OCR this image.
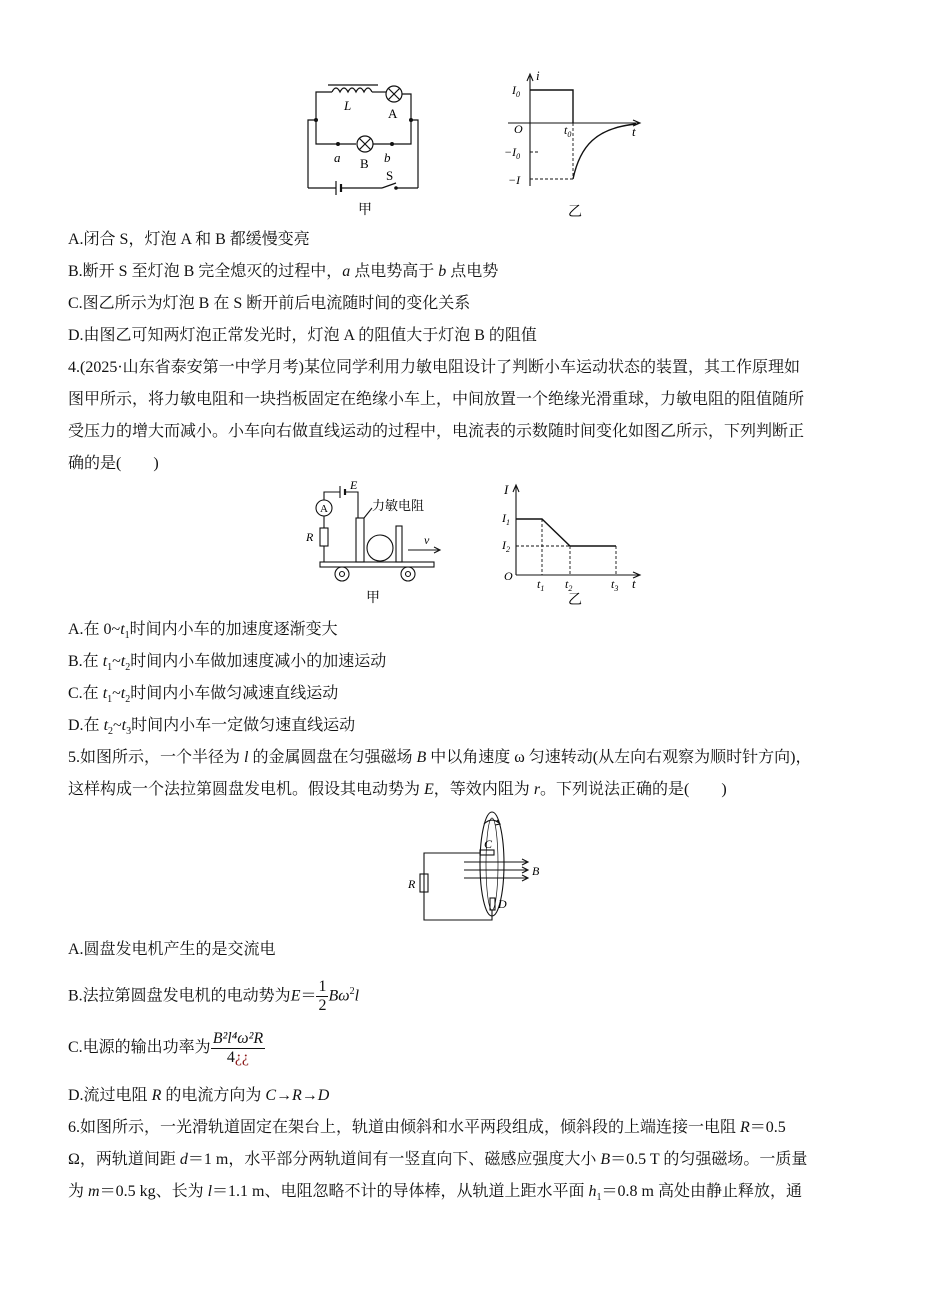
L
A
a B b
S
甲
i
$I_0$
O	$t_0$	t
$-I_0$
−I
乙
A.闭合 S，灯泡 A 和 B 都缓慢变亮
B.断开 S 至灯泡 B 完全熄灭的过程中，a 点电势高于 b 点电势
C.图乙所示为灯泡 B 在 S 断开前后电流随时间的变化关系
D.由图乙可知两灯泡正常发光时，灯泡 A 的阻值大于灯泡 B 的阻值
4.(2025·山东省泰安第一中学月考)某位同学利用力敏电阻设计了判断小车运动状态的装置，其工作原理如
图甲所示，将力敏电阻和一块挡板固定在绝缘小车上，中间放置一个绝缘光滑重球，力敏电阻的阻值随所
受压力的增大而减小。小车向右做直线运动的过程中，电流表的示数随时间变化如图乙所示，下列判断正
确的是(　　)
A
E
R
力敏电阻
v
甲
I
$I_1$
$I_2$
O
$t_1$ $t_2$	$t_3$ t
乙
A.在 $0\sim t_1$时间内小车的加速度逐渐变大
B.在 $t_1\sim t_2$时间内小车做加速度减小的加速运动
C.在 $t_1\sim t_2$时间内小车做匀减速直线运动
D.在 $t_2\sim t_3$时间内小车一定做匀速直线运动
5.如图所示，一个半径为 l 的金属圆盘在匀强磁场 B 中以角速度 ω 匀速转动(从左向右观察为顺时针方向)，
这样构成一个法拉第圆盘发电机。假设其电动势为 E，等效内阻为 r。下列说法正确的是(　　)
C
B
R
D
A.圆盘发电机产生的是交流电
B.法拉第圆盘发电机的电动势为$E= \frac{1}{2} B\omega^2l$
C.电源的输出功率为 $\frac{\text{B²l⁴ω²R}}{4¿¿}$
D.流过电阻 R 的电流方向为 C→R→D
6.如图所示，一光滑轨道固定在架台上，轨道由倾斜和水平两段组成，倾斜段的上端连接一电阻 R＝0.5
Ω，两轨道间距 d＝1 m，水平部分两轨道间有一竖直向下、磁感应强度大小 B＝0.5 T 的匀强磁场。一质量
为 m＝0.5 kg、长为 l＝1.1 m、电阻忽略不计的导体棒，从轨道上距水平面 $h_1=0.8$ m 高处由静止释放，通
